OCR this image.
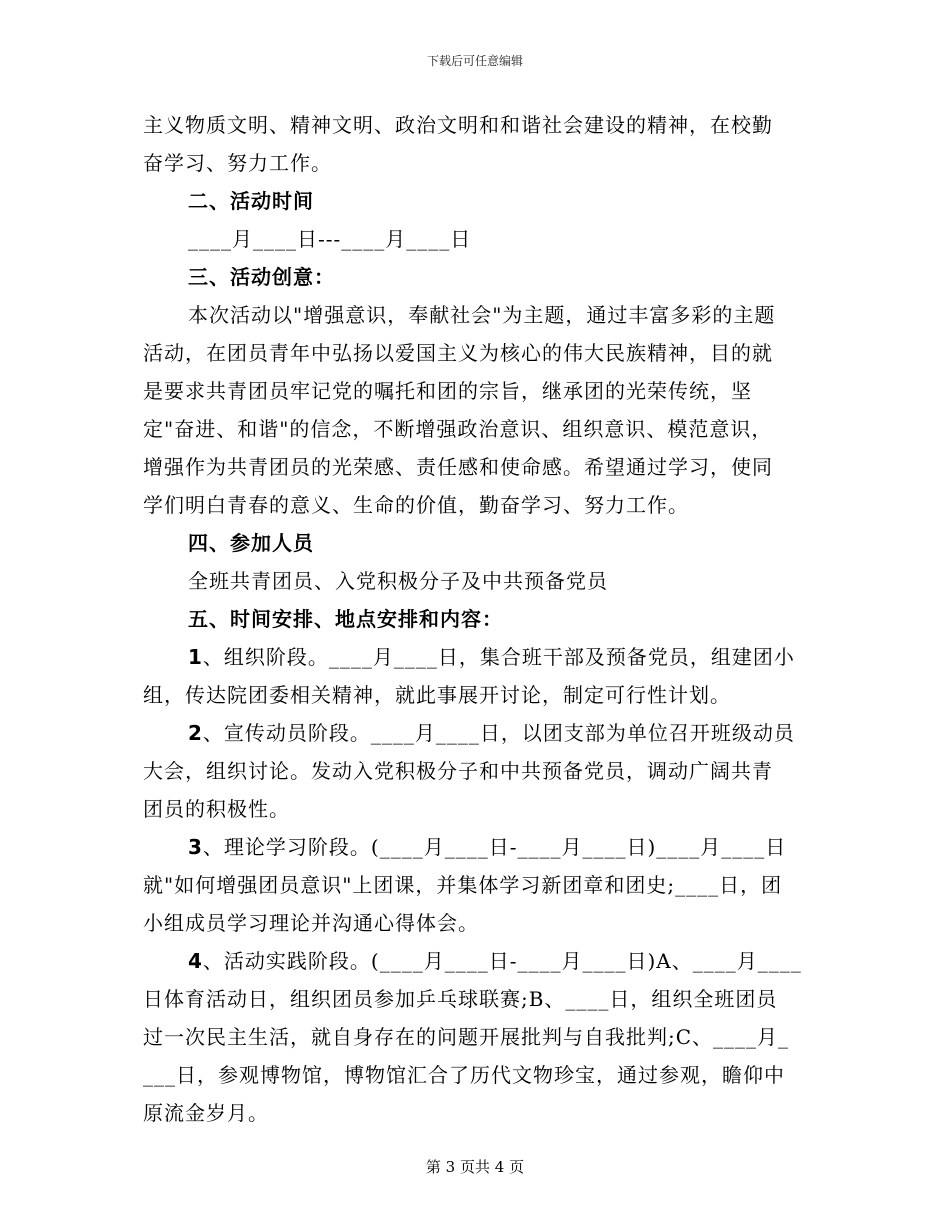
下载后可任意编辑
主义物质文明、精神文明、政治文明和和谐社会建设的精神，在校勤
奋学习、努力工作。
二、活动时间
____月____日---____月____日
三、活动创意：
本次活动以"增强意识，奉献社会"为主题，通过丰富多彩的主题
活动，在团员青年中弘扬以爱国主义为核心的伟大民族精神，目的就
是要求共青团员牢记党的嘱托和团的宗旨，继承团的光荣传统，坚
定"奋进、和谐"的信念，不断增强政治意识、组织意识、模范意识，
增强作为共青团员的光荣感、责任感和使命感。希望通过学习，使同
学们明白青春的意义、生命的价值，勤奋学习、努力工作。
四、参加人员
全班共青团员、入党积极分子及中共预备党员
五、时间安排、地点安排和内容：
1、组织阶段。____月____日，集合班干部及预备党员，组建团小
组，传达院团委相关精神，就此事展开讨论，制定可行性计划。
2、宣传动员阶段。____月____日，以团支部为单位召开班级动员
大会，组织讨论。发动入党积极分子和中共预备党员，调动广阔共青
团员的积极性。
3、理论学习阶段。(____月____日-____月____日)____月____日
就"如何增强团员意识"上团课，并集体学习新团章和团史;____日，团
小组成员学习理论并沟通心得体会。
4、活动实践阶段。(____月____日-____月____日)A、____月____
日体育活动日，组织团员参加乒乓球联赛;B、____日，组织全班团员
过一次民主生活，就自身存在的问题开展批判与自我批判;C、____月_
___日，参观博物馆，博物馆汇合了历代文物珍宝，通过参观，瞻仰中
原流金岁月。
第 3 页共 4 页
